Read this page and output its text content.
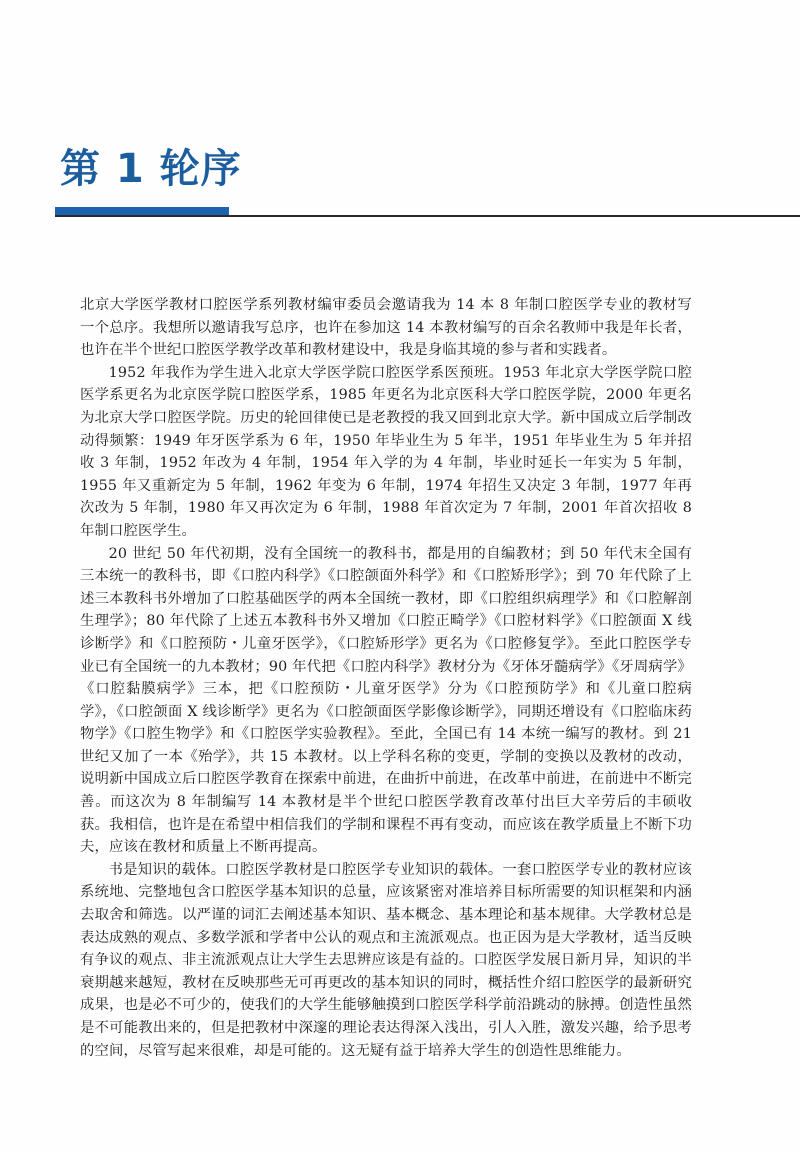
第 1 轮序

北京大学医学教材口腔医学系列教材编审委员会邀请我为 14 本 8 年制口腔医学专业的教材写一个总序。我想所以邀请我写总序，也许在参加这 14 本教材编写的百余名教师中我是年长者，也许在半个世纪口腔医学教学改革和教材建设中，我是身临其境的参与者和实践者。

1952 年我作为学生进入北京大学医学院口腔医学系医预班。1953 年北京大学医学院口腔医学系更名为北京医学院口腔医学系，1985 年更名为北京医科大学口腔医学院，2000 年更名为北京大学口腔医学院。历史的轮回律使已是老教授的我又回到北京大学。新中国成立后学制改动得频繁：1949 年牙医学系为 6 年，1950 年毕业生为 5 年半，1951 年毕业生为 5 年并招收 3 年制，1952 年改为 4 年制，1954 年入学的为 4 年制，毕业时延长一年实为 5 年制，1955 年又重新定为 5 年制，1962 年变为 6 年制，1974 年招生又决定 3 年制，1977 年再次改为 5 年制，1980 年又再次定为 6 年制，1988 年首次定为 7 年制，2001 年首次招收 8 年制口腔医学生。

20 世纪 50 年代初期，没有全国统一的教科书，都是用的自编教材；到 50 年代末全国有三本统一的教科书，即《口腔内科学》《口腔颌面外科学》和《口腔矫形学》；到 70 年代除了上述三本教科书外增加了口腔基础医学的两本全国统一教材，即《口腔组织病理学》和《口腔解剖生理学》；80 年代除了上述五本教科书外又增加《口腔正畸学》《口腔材料学》《口腔颌面 X 线诊断学》和《口腔预防・儿童牙医学》，《口腔矫形学》更名为《口腔修复学》。至此口腔医学专业已有全国统一的九本教材；90 年代把《口腔内科学》教材分为《牙体牙髓病学》《牙周病学》《口腔黏膜病学》三本，把《口腔预防・儿童牙医学》分为《口腔预防学》和《儿童口腔病学》，《口腔颌面 X 线诊断学》更名为《口腔颌面医学影像诊断学》，同期还增设有《口腔临床药物学》《口腔生物学》和《口腔医学实验教程》。至此，全国已有 14 本统一编写的教材。到 21 世纪又加了一本《殆学》，共 15 本教材。以上学科名称的变更，学制的变换以及教材的改动，说明新中国成立后口腔医学教育在探索中前进，在曲折中前进，在改革中前进，在前进中不断完善。而这次为 8 年制编写 14 本教材是半个世纪口腔医学教育改革付出巨大辛劳后的丰硕收获。我相信，也许是在希望中相信我们的学制和课程不再有变动，而应该在教学质量上不断下功夫，应该在教材和质量上不断再提高。

书是知识的载体。口腔医学教材是口腔医学专业知识的载体。一套口腔医学专业的教材应该系统地、完整地包含口腔医学基本知识的总量，应该紧密对准培养目标所需要的知识框架和内涵去取舍和筛选。以严谨的词汇去阐述基本知识、基本概念、基本理论和基本规律。大学教材总是表达成熟的观点、多数学派和学者中公认的观点和主流派观点。也正因为是大学教材，适当反映有争议的观点、非主流派观点让大学生去思辨应该是有益的。口腔医学发展日新月异，知识的半衰期越来越短，教材在反映那些无可再更改的基本知识的同时，概括性介绍口腔医学的最新研究成果，也是必不可少的，使我们的大学生能够触摸到口腔医学科学前沿跳动的脉搏。创造性虽然是不可能教出来的，但是把教材中深邃的理论表达得深入浅出，引人入胜，激发兴趣，给予思考的空间，尽管写起来很难，却是可能的。这无疑有益于培养大学生的创造性思维能力。
